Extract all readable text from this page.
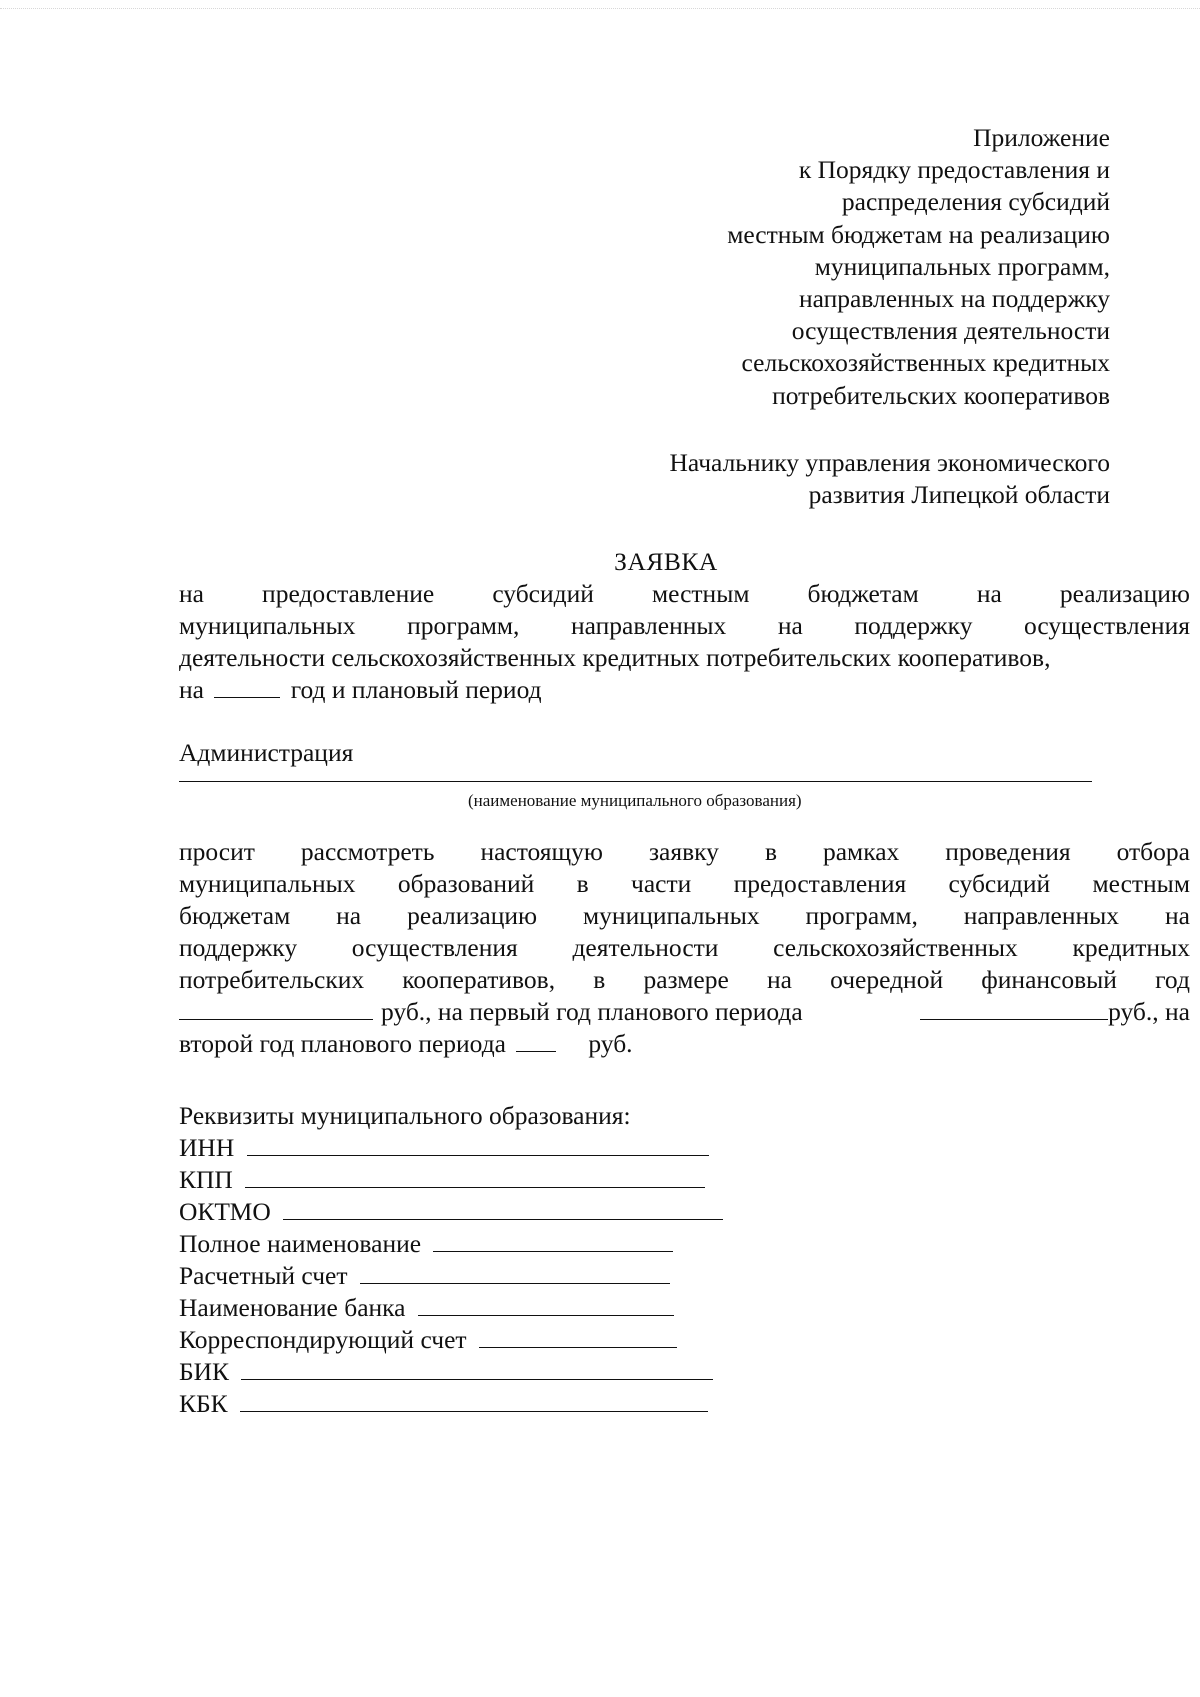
Приложение
к Порядку предоставления и
распределения субсидий
местным бюджетам на реализацию
муниципальных программ,
направленных на поддержку
осуществления деятельности
сельскохозяйственных кредитных
потребительских кооперативов
Начальнику управления экономического
развития Липецкой области
ЗАЯВКА
на предоставление субсидий местным бюджетам на реализацию
муниципальных программ, направленных на поддержку осуществления
деятельности сельскохозяйственных кредитных потребительских кооперативов,
на	год и плановый период
Администрация
(наименование муниципального образования)
просит рассмотреть настоящую заявку в рамках проведения отбора
муниципальных образований в части предоставления субсидий местным
бюджетам на реализацию муниципальных программ, направленных на
поддержку осуществления деятельности сельскохозяйственных кредитных
потребительских кооперативов, в размере на очередной финансовый год
руб., на первый год планового периода	руб., на
второй год планового периода	руб.
Реквизиты муниципального образования:
ИНН
КПП
ОКТМО
Полное наименование
Расчетный счет
Наименование банка
Корреспондирующий счет
БИК
КБК
